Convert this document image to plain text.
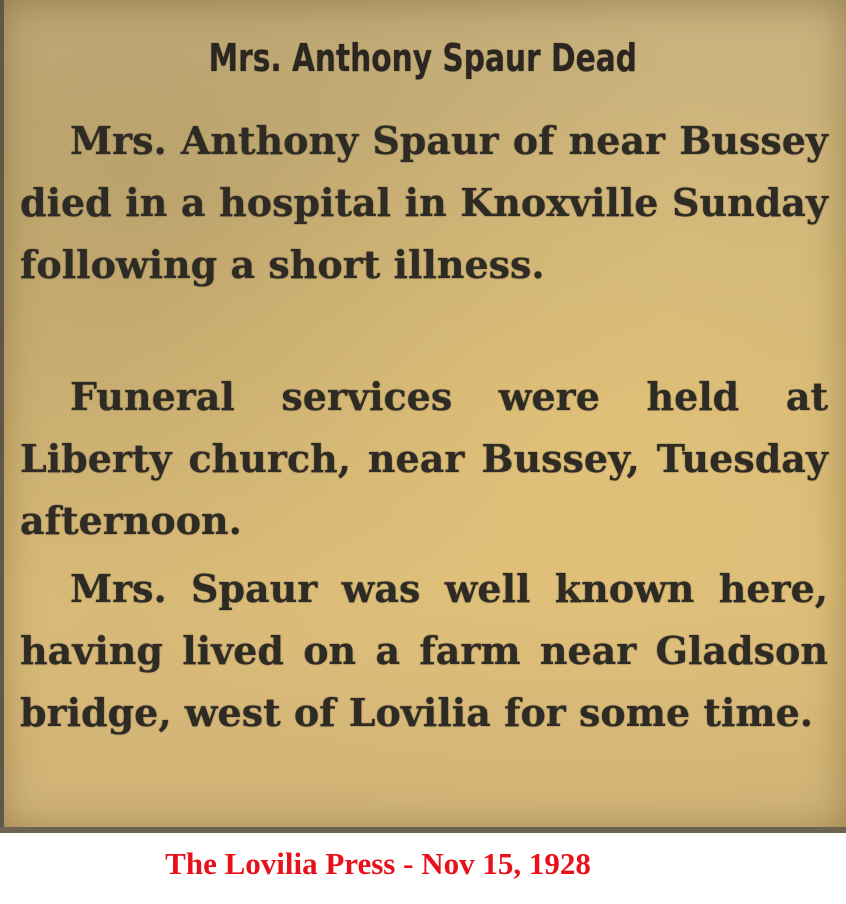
Mrs. Anthony Spaur Dead

Mrs. Anthony Spaur of near Bussey died in a hospital in Knoxville Sunday following a short illness.

Funeral services were held at Liberty church, near Bussey, Tuesday afternoon.

Mrs. Spaur was well known here, having lived on a farm near Gladson bridge, west of Lovilia for some time.

The Lovilia Press - Nov 15, 1928
